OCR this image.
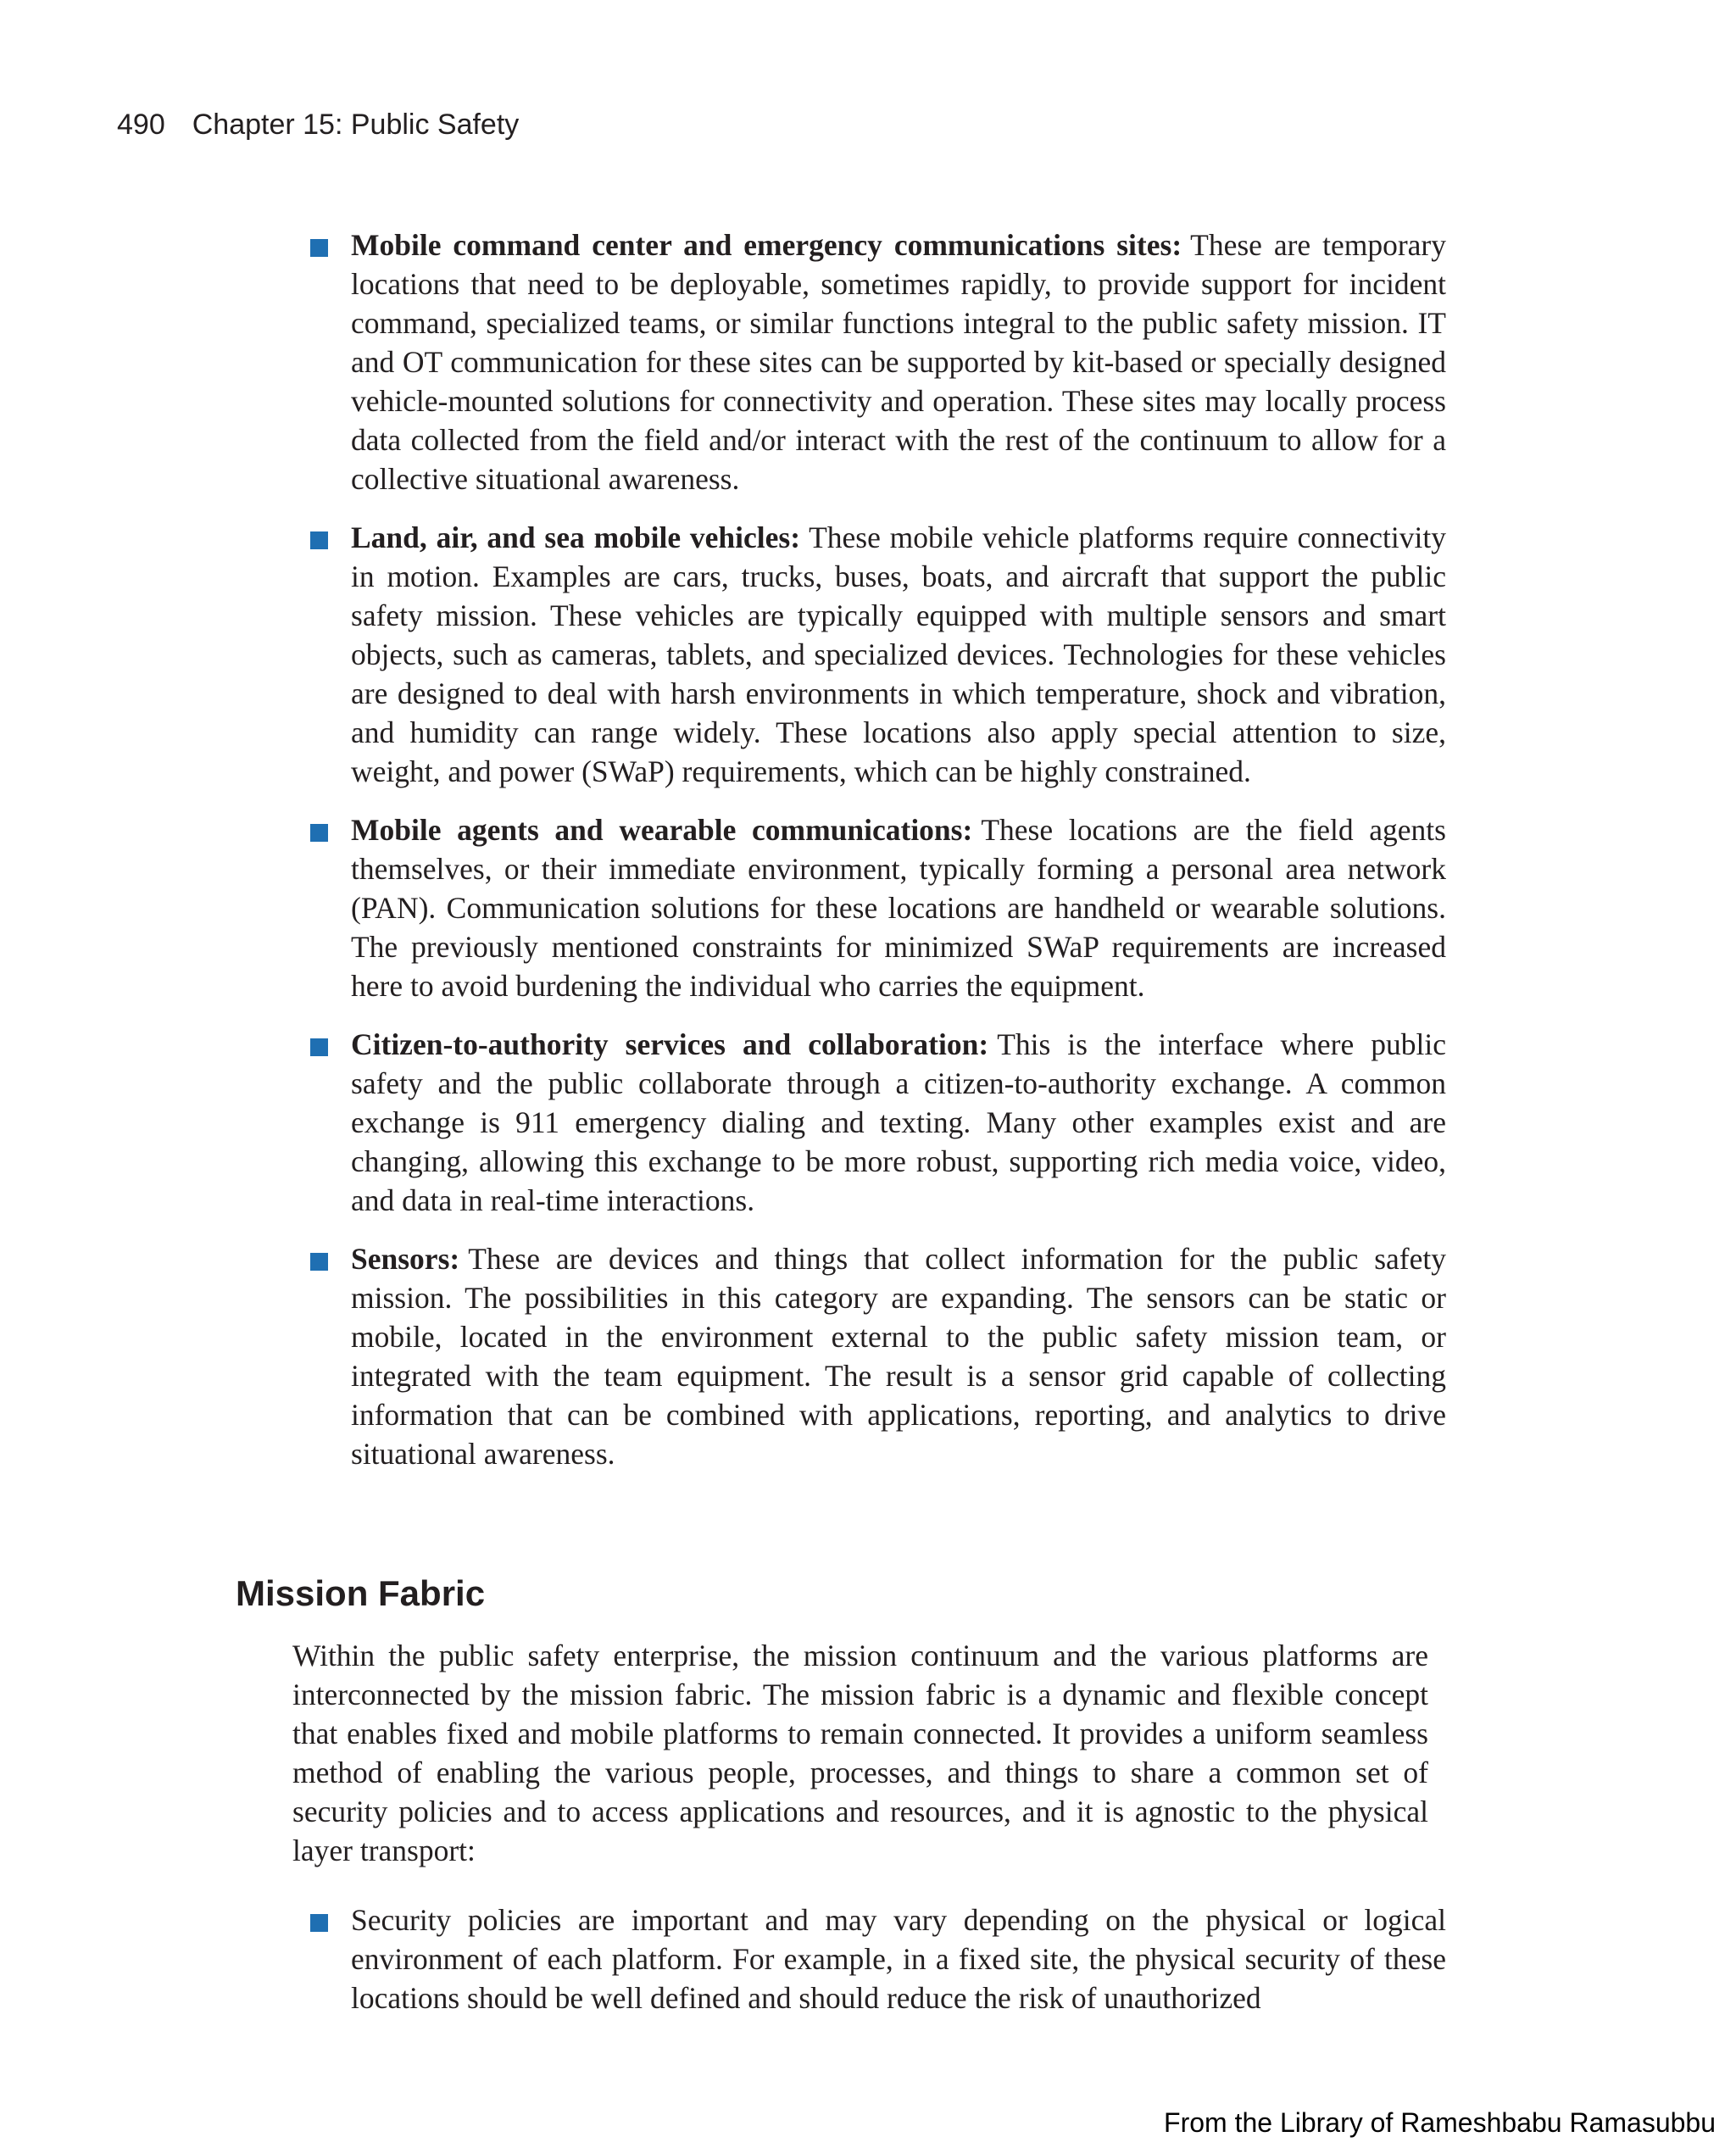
490 Chapter 15: Public Safety
Mobile command center and emergency communications sites: These are temporary locations that need to be deployable, sometimes rapidly, to provide support for incident command, specialized teams, or similar functions integral to the public safety mission. IT and OT communication for these sites can be supported by kit-based or specially designed vehicle-mounted solutions for connectivity and operation. These sites may locally process data collected from the field and/or interact with the rest of the continuum to allow for a collective situational awareness.
Land, air, and sea mobile vehicles: These mobile vehicle platforms require connectivity in motion. Examples are cars, trucks, buses, boats, and aircraft that support the public safety mission. These vehicles are typically equipped with multiple sensors and smart objects, such as cameras, tablets, and specialized devices. Technologies for these vehicles are designed to deal with harsh environments in which temperature, shock and vibration, and humidity can range widely. These locations also apply special attention to size, weight, and power (SWaP) requirements, which can be highly constrained.
Mobile agents and wearable communications: These locations are the field agents themselves, or their immediate environment, typically forming a personal area network (PAN). Communication solutions for these locations are handheld or wearable solutions. The previously mentioned constraints for minimized SWaP requirements are increased here to avoid burdening the individual who carries the equipment.
Citizen-to-authority services and collaboration: This is the interface where public safety and the public collaborate through a citizen-to-authority exchange. A common exchange is 911 emergency dialing and texting. Many other examples exist and are changing, allowing this exchange to be more robust, supporting rich media voice, video, and data in real-time interactions.
Sensors: These are devices and things that collect information for the public safety mission. The possibilities in this category are expanding. The sensors can be static or mobile, located in the environment external to the public safety mission team, or integrated with the team equipment. The result is a sensor grid capable of collecting information that can be combined with applications, reporting, and analytics to drive situational awareness.
Mission Fabric

Within the public safety enterprise, the mission continuum and the various platforms are interconnected by the mission fabric. The mission fabric is a dynamic and flexible concept that enables fixed and mobile platforms to remain connected. It provides a uniform seamless method of enabling the various people, processes, and things to share a common set of security policies and to access applications and resources, and it is agnostic to the physical layer transport:

Security policies are important and may vary depending on the physical or logical environment of each platform. For example, in a fixed site, the physical security of these locations should be well defined and should reduce the risk of unauthorized
From the Library of Rameshbabu Ramasubbu
